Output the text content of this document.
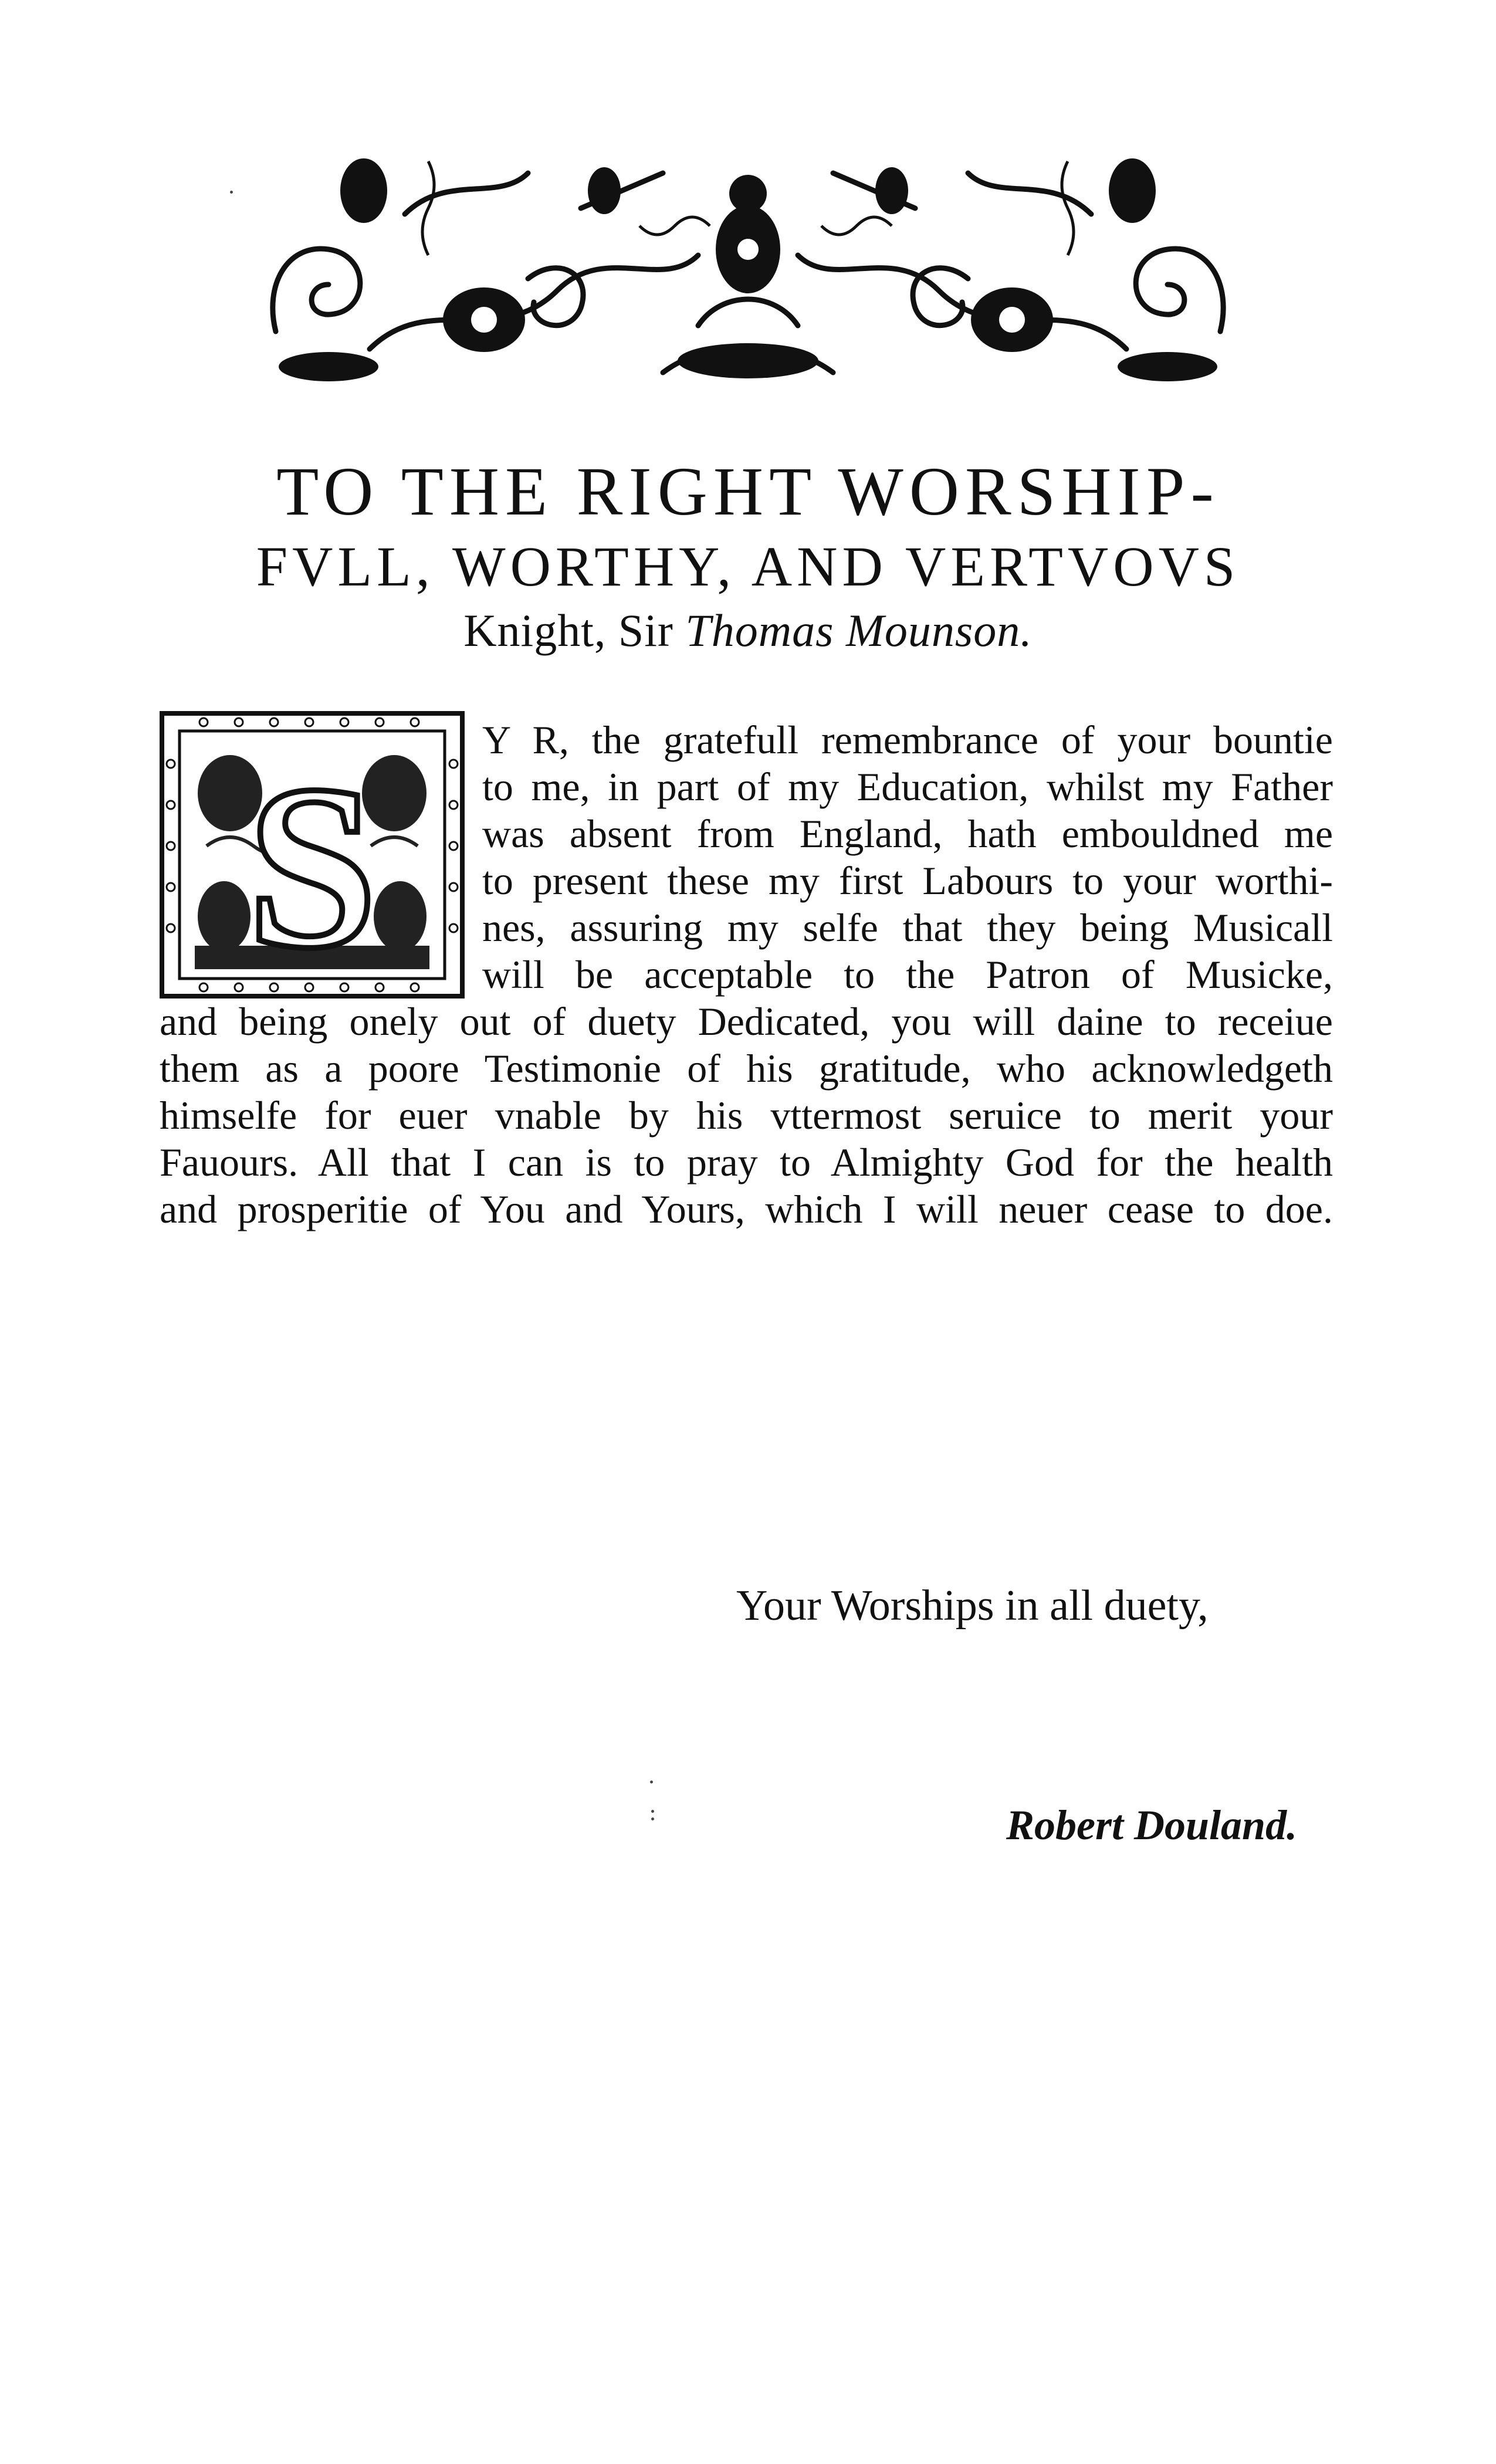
TO THE RIGHT WORSHIP-
FVLL, WORTHY, AND VERTVOVS
Knight, Sir Thomas Mounson.
S	Y R, the gratefull remembrance of your bountie
to me, in part of my Education, whilst my Father
was absent from England, hath embouldned me
to present these my first Labours to your worthi-
nes, assuring my selfe that they being Musicall
will be acceptable to the Patron of Musicke,
and being onely out of duety Dedicated, you will daine to receiue
them as a poore Testimonie of his gratitude, who acknowledgeth
himselfe for euer vnable by his vttermost seruice to merit your
Fauours. All that I can is to pray to Almighty God for the health
and prosperitie of You and Yours, which I will neuer cease to doe.
Your Worships in all duety,
Robert Douland.
